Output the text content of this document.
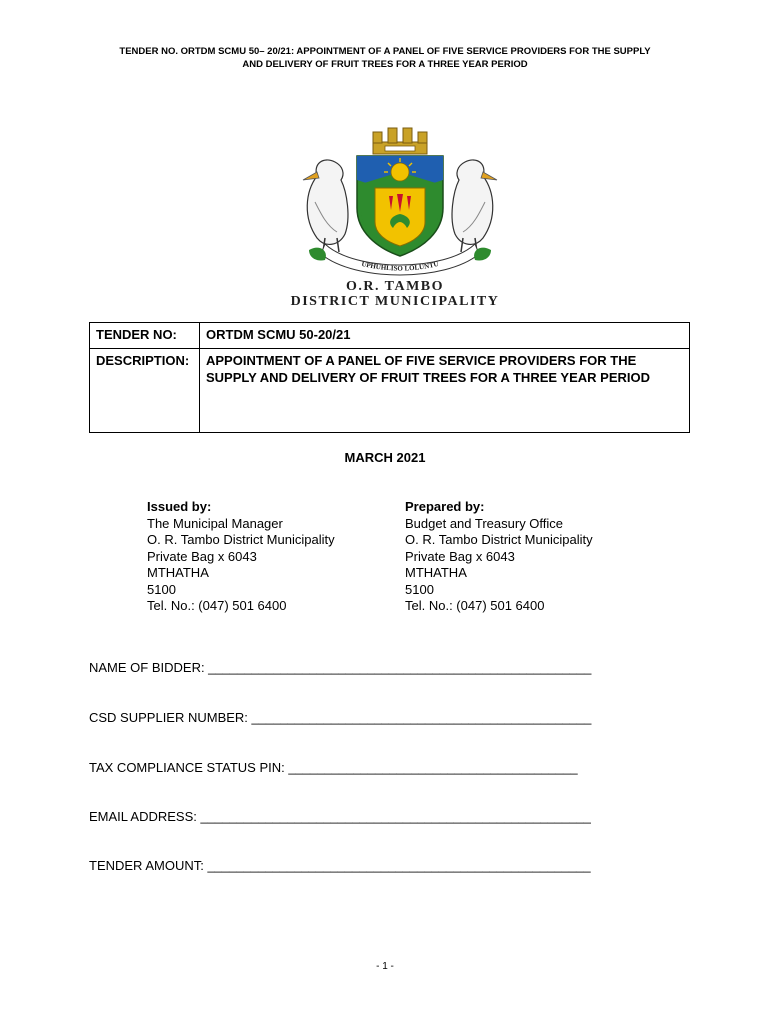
TENDER NO. ORTDM SCMU 50– 20/21: APPOINTMENT OF A PANEL OF FIVE SERVICE PROVIDERS FOR THE SUPPLY
AND DELIVERY OF FRUIT TREES FOR A THREE YEAR PERIOD
UPHUHLISO LOLUNTU
O.R. TAMBO
DISTRICT MUNICIPALITY
TENDER NO:	ORTDM SCMU 50-20/21
DESCRIPTION:	APPOINTMENT OF A PANEL OF FIVE SERVICE PROVIDERS FOR THE
SUPPLY AND DELIVERY OF FRUIT TREES FOR A THREE YEAR PERIOD
MARCH 2021
Issued by:
The Municipal Manager
O. R. Tambo District Municipality
Private Bag x 6043
MTHATHA
5100
Tel. No.: (047) 501 6400
Prepared by:
Budget and Treasury Office
O. R. Tambo District Municipality
Private Bag x 6043
MTHATHA
5100
Tel. No.: (047) 501 6400
NAME OF BIDDER: _____________________________________________________
CSD SUPPLIER NUMBER: _______________________________________________
TAX COMPLIANCE STATUS PIN: ________________________________________
EMAIL ADDRESS: ______________________________________________________
TENDER AMOUNT: _____________________________________________________
- 1 -
